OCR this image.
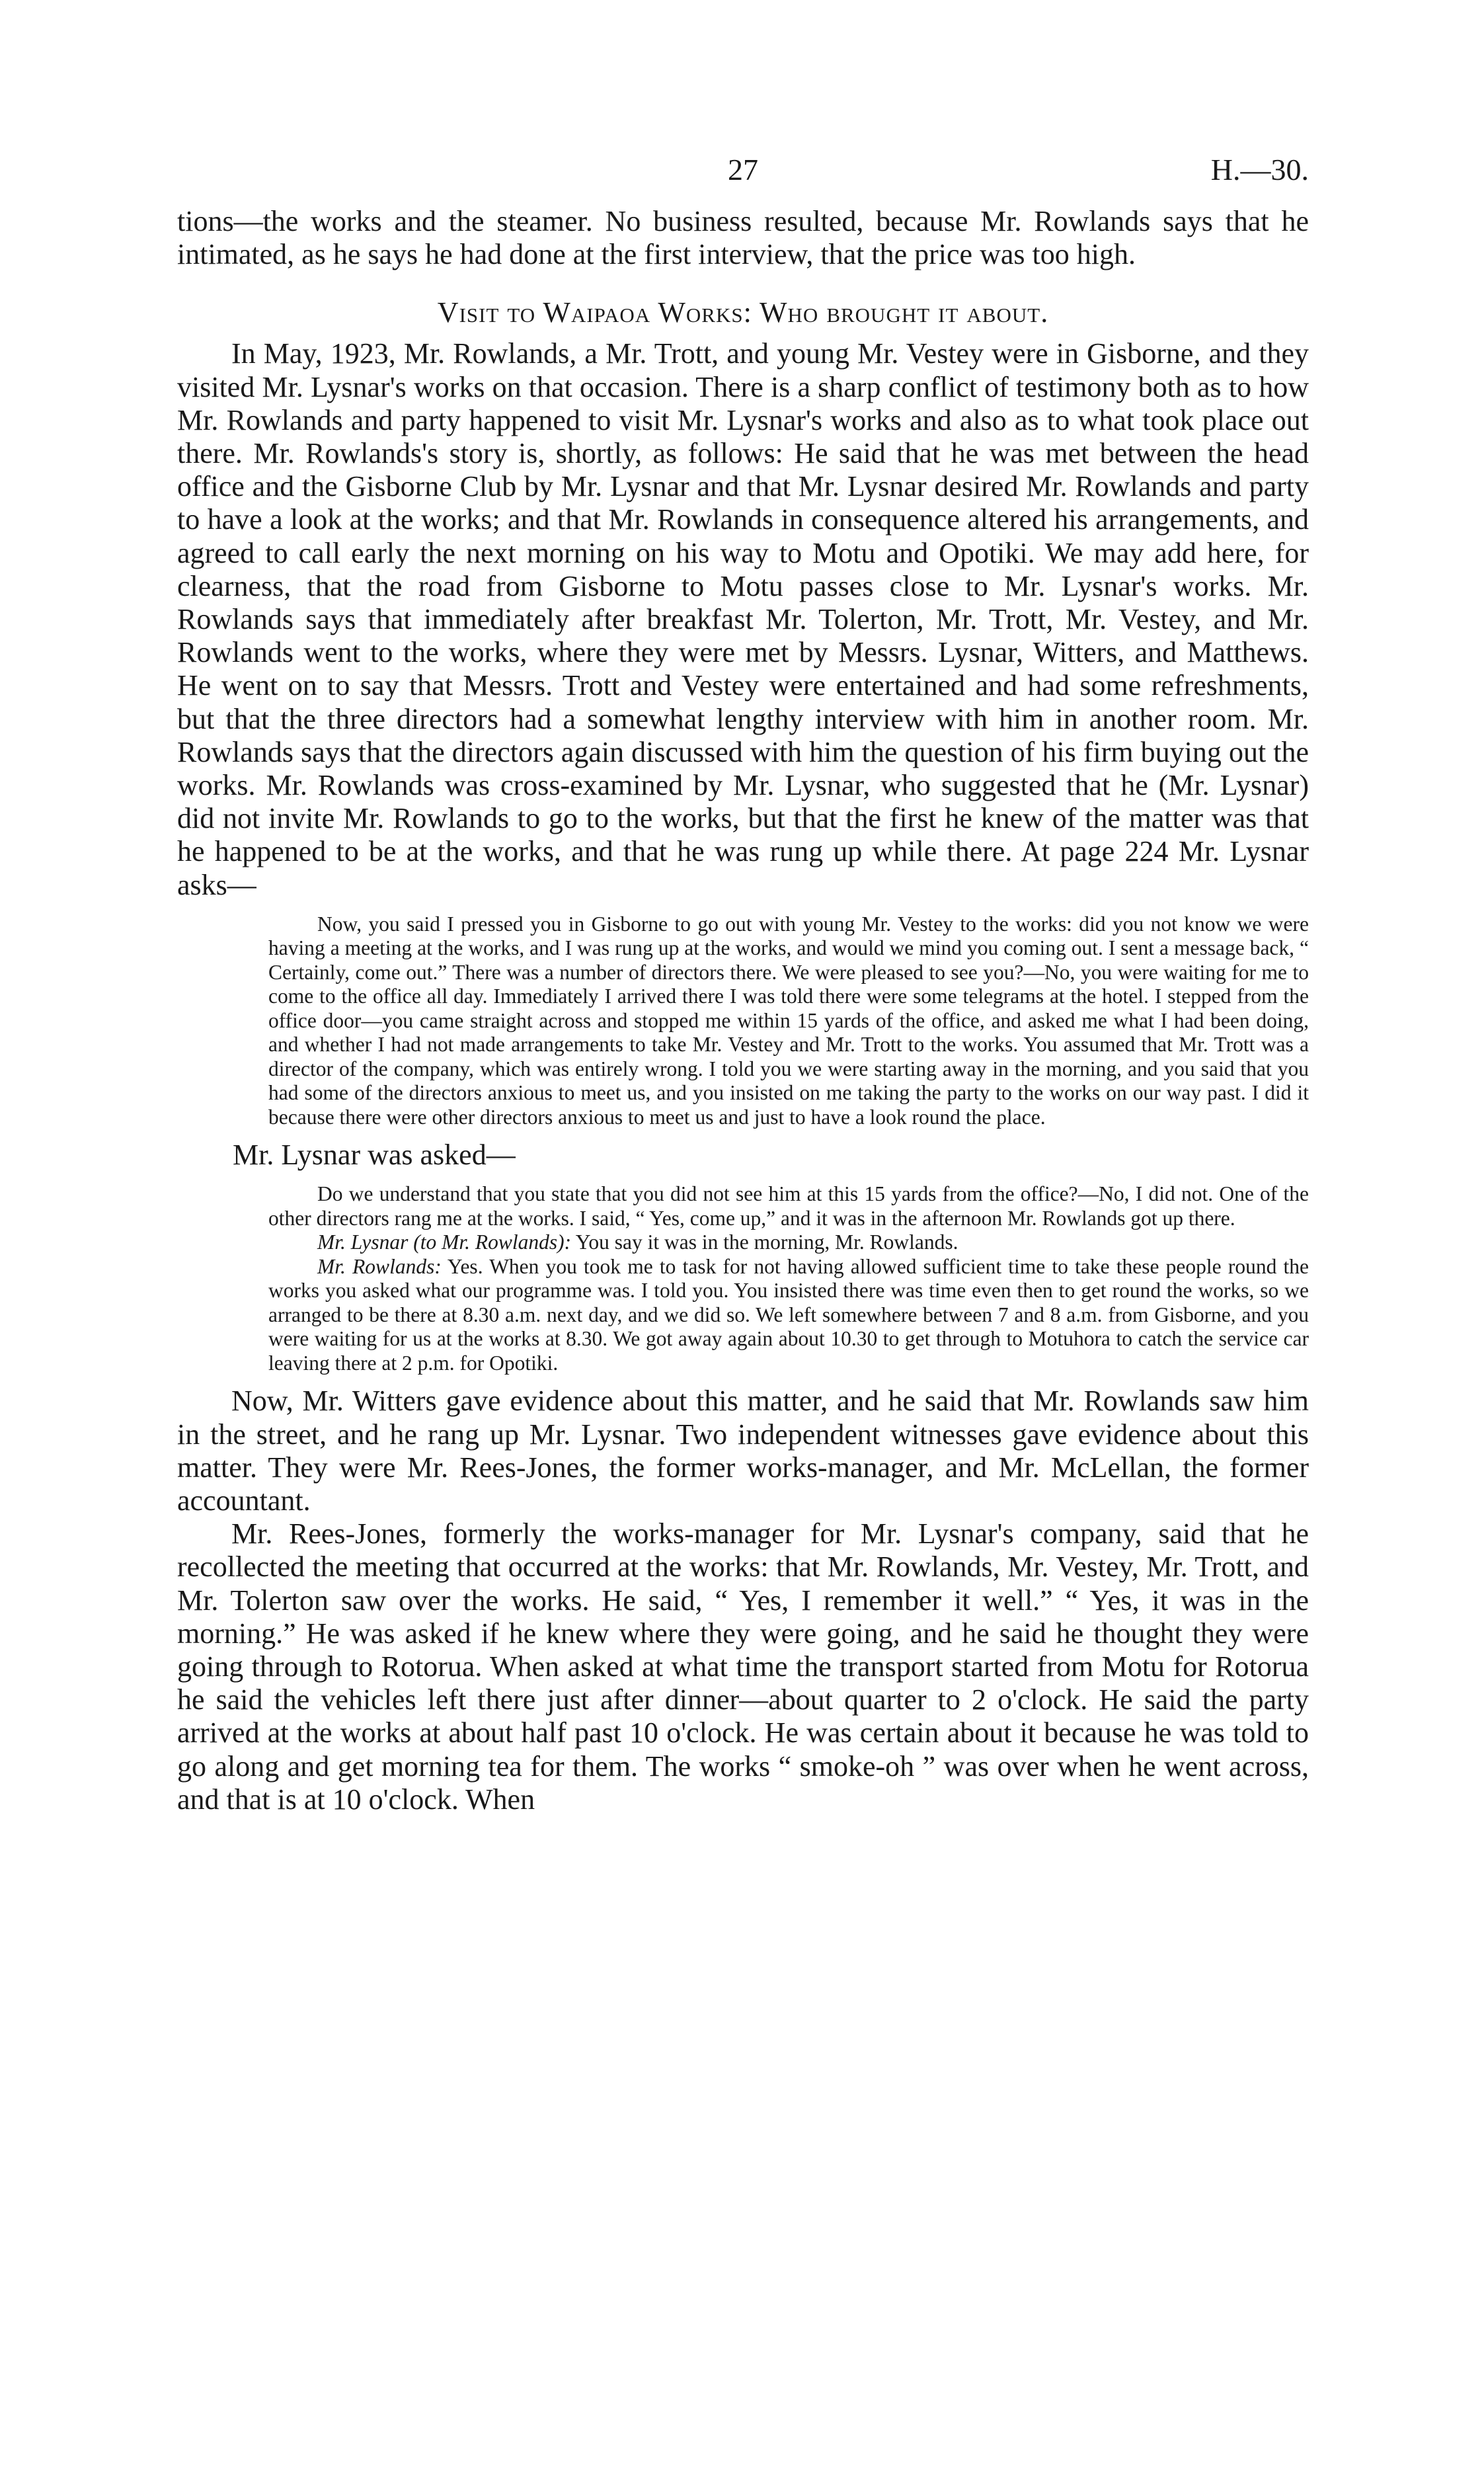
27	H.—30.

tions—the works and the steamer. No business resulted, because Mr. Rowlands says that he intimated, as he says he had done at the first interview, that the price was too high.

Visit to Waipaoa Works: Who brought it about.

In May, 1923, Mr. Rowlands, a Mr. Trott, and young Mr. Vestey were in Gisborne, and they visited Mr. Lysnar's works on that occasion. There is a sharp conflict of testimony both as to how Mr. Rowlands and party happened to visit Mr. Lysnar's works and also as to what took place out there. Mr. Rowlands's story is, shortly, as follows: He said that he was met between the head office and the Gisborne Club by Mr. Lysnar and that Mr. Lysnar desired Mr. Rowlands and party to have a look at the works; and that Mr. Rowlands in consequence altered his arrangements, and agreed to call early the next morning on his way to Motu and Opotiki. We may add here, for clearness, that the road from Gisborne to Motu passes close to Mr. Lysnar's works. Mr. Rowlands says that immediately after breakfast Mr. Tolerton, Mr. Trott, Mr. Vestey, and Mr. Rowlands went to the works, where they were met by Messrs. Lysnar, Witters, and Matthews. He went on to say that Messrs. Trott and Vestey were entertained and had some refreshments, but that the three directors had a somewhat lengthy interview with him in another room. Mr. Rowlands says that the directors again discussed with him the question of his firm buying out the works. Mr. Rowlands was cross-examined by Mr. Lysnar, who suggested that he (Mr. Lysnar) did not invite Mr. Rowlands to go to the works, but that the first he knew of the matter was that he happened to be at the works, and that he was rung up while there. At page 224 Mr. Lysnar asks—

Now, you said I pressed you in Gisborne to go out with young Mr. Vestey to the works: did you not know we were having a meeting at the works, and I was rung up at the works, and would we mind you coming out. I sent a message back, “ Certainly, come out.” There was a number of directors there. We were pleased to see you?—No, you were waiting for me to come to the office all day. Immediately I arrived there I was told there were some telegrams at the hotel. I stepped from the office door—you came straight across and stopped me within 15 yards of the office, and asked me what I had been doing, and whether I had not made arrangements to take Mr. Vestey and Mr. Trott to the works. You assumed that Mr. Trott was a director of the company, which was entirely wrong. I told you we were starting away in the morning, and you said that you had some of the directors anxious to meet us, and you insisted on me taking the party to the works on our way past. I did it because there were other directors anxious to meet us and just to have a look round the place.

Mr. Lysnar was asked—

Do we understand that you state that you did not see him at this 15 yards from the office?—No, I did not. One of the other directors rang me at the works. I said, “ Yes, come up,” and it was in the afternoon Mr. Rowlands got up there.

Mr. Lysnar (to Mr. Rowlands): You say it was in the morning, Mr. Rowlands.

Mr. Rowlands: Yes. When you took me to task for not having allowed sufficient time to take these people round the works you asked what our programme was. I told you. You insisted there was time even then to get round the works, so we arranged to be there at 8.30 a.m. next day, and we did so. We left somewhere between 7 and 8 a.m. from Gisborne, and you were waiting for us at the works at 8.30. We got away again about 10.30 to get through to Motuhora to catch the service car leaving there at 2 p.m. for Opotiki.

Now, Mr. Witters gave evidence about this matter, and he said that Mr. Rowlands saw him in the street, and he rang up Mr. Lysnar. Two independent witnesses gave evidence about this matter. They were Mr. Rees-Jones, the former works-manager, and Mr. McLellan, the former accountant.

Mr. Rees-Jones, formerly the works-manager for Mr. Lysnar's company, said that he recollected the meeting that occurred at the works: that Mr. Rowlands, Mr. Vestey, Mr. Trott, and Mr. Tolerton saw over the works. He said, “ Yes, I remember it well.” “ Yes, it was in the morning.” He was asked if he knew where they were going, and he said he thought they were going through to Rotorua. When asked at what time the transport started from Motu for Rotorua he said the vehicles left there just after dinner—about quarter to 2 o'clock. He said the party arrived at the works at about half past 10 o'clock. He was certain about it because he was told to go along and get morning tea for them. The works “ smoke-oh ” was over when he went across, and that is at 10 o'clock. When
